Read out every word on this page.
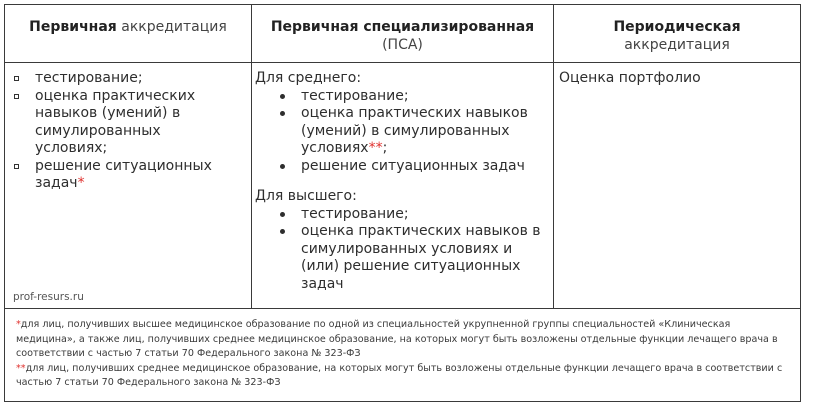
Первичная аккредитация	Первичная специализированная
(ПСА)
Периодическая
аккредитация
тестирование;
оценка практических навыков (умений) в симулированных условиях;
решение ситуационных задач*
Для среднего:
тестирование;
оценка практических навыков (умений) в симулированных условиях**;
решение ситуационных задач
Для высшего:
тестирование;
оценка практических навыков в симулированных условиях и (или) решение ситуационных задач
Оценка портфолио
prof-resurs.ru

*для лиц, получивших высшее медицинское образование по одной из специальностей укрупненной группы специальностей «Клиническая медицина», а также лиц, получивших среднее медицинское образование, на которых могут быть возложены отдельные функции лечащего врача в соответствии с частью 7 статьи 70 Федерального закона № 323-ФЗ

**для лиц, получивших среднее медицинское образование, на которых могут быть возложены отдельные функции лечащего врача в соответствии с частью 7 статьи 70 Федерального закона № 323-ФЗ
